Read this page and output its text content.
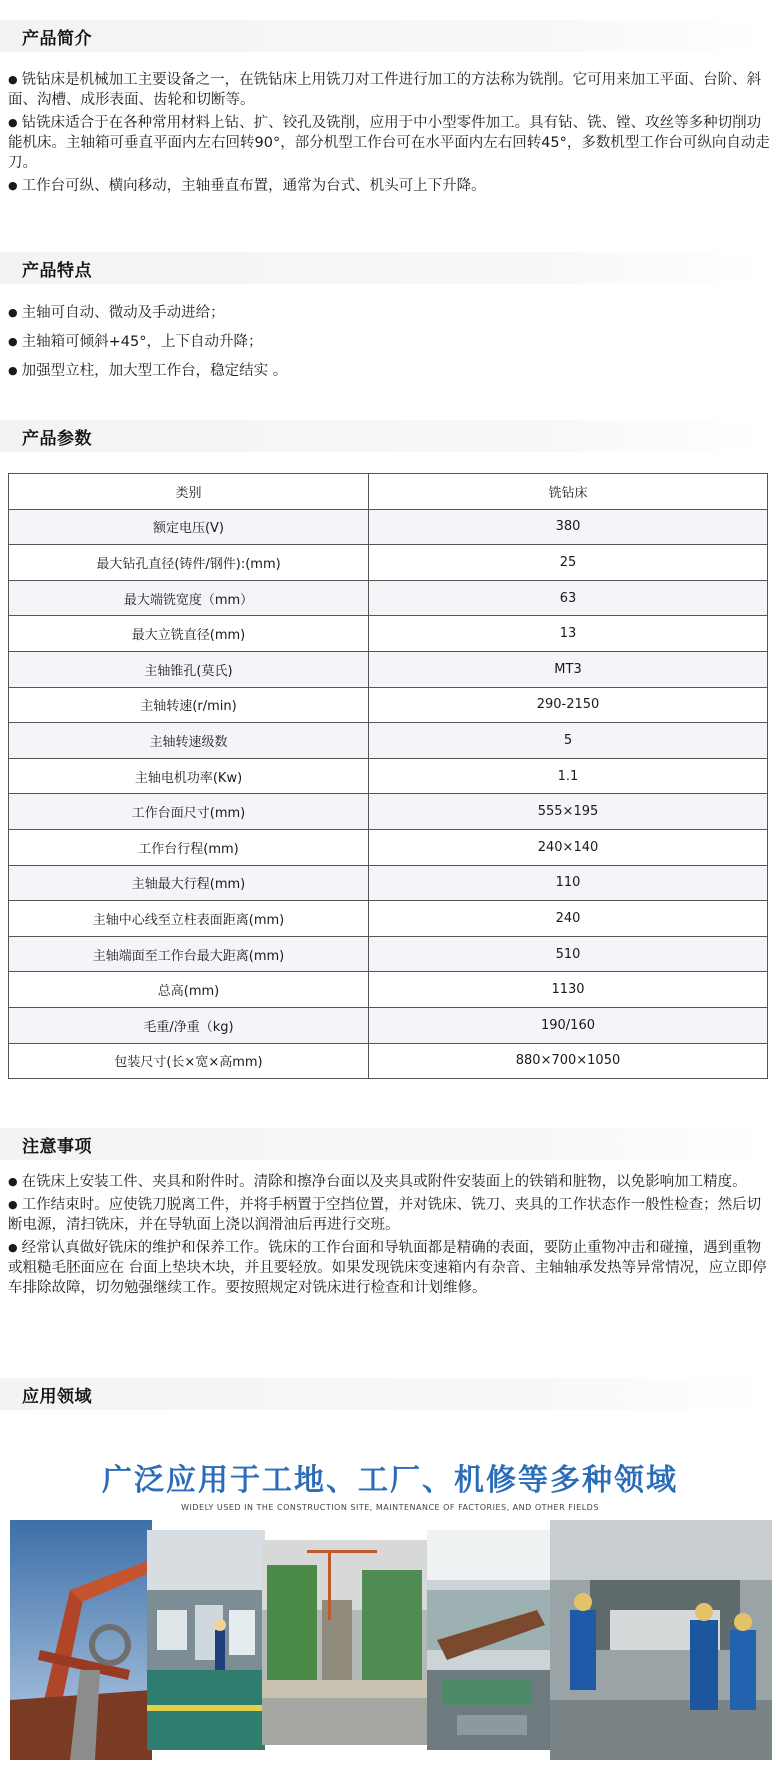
产品简介
● 铣钻床是机械加工主要设备之一，在铣钻床上用铣刀对工件进行加工的方法称为铣削。它可用来加工平面、台阶、斜面、沟槽、成形表面、齿轮和切断等。
● 钻铣床适合于在各种常用材料上钻、扩、铰孔及铣削，应用于中小型零件加工。具有钻、铣、镗、攻丝等多种切削功能机床。主轴箱可垂直平面内左右回转90°，部分机型工作台可在水平面内左右回转45°，多数机型工作台可纵向自动走刀。
● 工作台可纵、横向移动，主轴垂直布置，通常为台式、机头可上下升降。
产品特点
● 主轴可自动、微动及手动进给；
● 主轴箱可倾斜+45°，上下自动升降；
● 加强型立柱，加大型工作台，稳定结实 。
产品参数
类别	铣钻床
额定电压(V)	380
最大钻孔直径(铸件/钢件):(mm)	25
最大端铣宽度（mm）	63
最大立铣直径(mm)	13
主轴锥孔(莫氏)	MT3
主轴转速(r/min)	290-2150
主轴转速级数	5
主轴电机功率(Kw)	1.1
工作台面尺寸(mm)	555×195
工作台行程(mm)	240×140
主轴最大行程(mm)	110
主轴中心线至立柱表面距离(mm)	240
主轴端面至工作台最大距离(mm)	510
总高(mm)	1130
毛重/净重（kg)	190/160
包装尺寸(长×宽×高mm)	880×700×1050
注意事项
● 在铣床上安装工件、夹具和附件时。清除和擦净台面以及夹具或附件安装面上的铁销和脏物，以免影响加工精度。
● 工作结束时。应使铣刀脱离工件，并将手柄置于空挡位置，并对铣床、铣刀、夹具的工作状态作一般性检查；然后切断电源，清扫铣床，并在导轨面上浇以润滑油后再进行交班。
● 经常认真做好铣床的维护和保养工作。铣床的工作台面和导轨面都是精确的表面，要防止重物冲击和碰撞，遇到重物或粗糙毛胚面应在 台面上垫块木块，并且要轻放。如果发现铣床变速箱内有杂音、主轴轴承发热等异常情况，应立即停车排除故障，切勿勉强继续工作。要按照规定对铣床进行检查和计划维修。
应用领域
广泛应用于工地、工厂、机修等多种领域
WIDELY USED IN THE CONSTRUCTION SITE, MAINTENANCE OF FACTORIES, AND OTHER FIELDS
